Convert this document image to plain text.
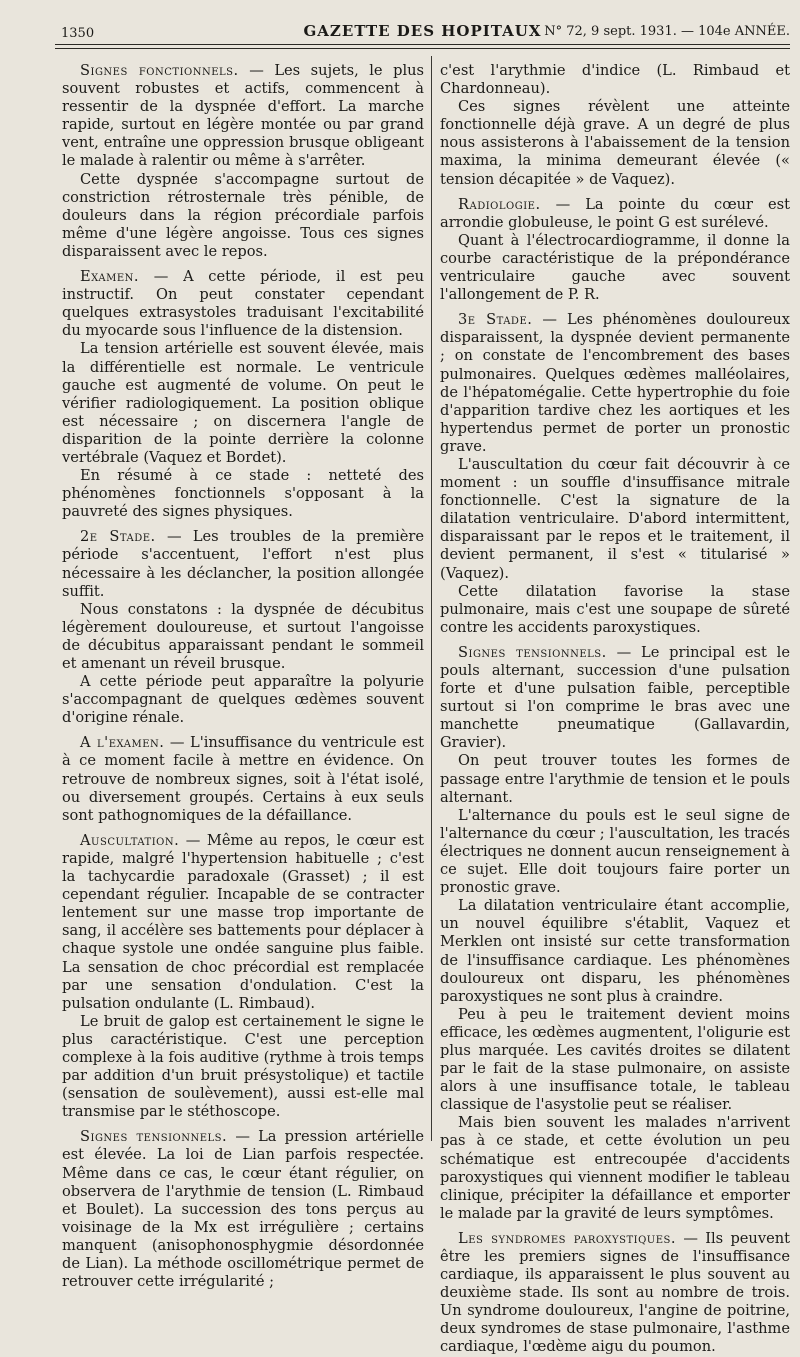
1350	GAZETTE DES HOPITAUX N° 72, 9 sept. 1931. — 104e ANNÉE.

Signes fonctionnels. — Les sujets, le plus souvent robustes et actifs, commencent à ressentir de la dyspnée d'effort. La marche rapide, surtout en légère montée ou par grand vent, entraîne une oppression brusque obligeant le malade à ralentir ou même à s'arrêter.

Cette dyspnée s'accompagne surtout de constriction rétrosternale très pénible, de douleurs dans la région précordiale parfois même d'une légère angoisse. Tous ces signes disparaissent avec le repos.

Examen. — A cette période, il est peu instructif. On peut constater cependant quelques extrasystoles traduisant l'excitabilité du myocarde sous l'influence de la distension.

La tension artérielle est souvent élevée, mais la différentielle est normale. Le ventricule gauche est augmenté de volume. On peut le vérifier radiologiquement. La position oblique est nécessaire ; on discernera l'angle de disparition de la pointe derrière la colonne vertébrale (Vaquez et Bordet).

En résumé à ce stade : netteté des phénomènes fonctionnels s'opposant à la pauvreté des signes physiques.

2e Stade. — Les troubles de la première période s'accentuent, l'effort n'est plus nécessaire à les déclancher, la position allongée suffit.

Nous constatons : la dyspnée de décubitus légèrement douloureuse, et surtout l'angoisse de décubitus apparaissant pendant le sommeil et amenant un réveil brusque.

A cette période peut apparaître la polyurie s'accompagnant de quelques œdèmes souvent d'origine rénale.

A l'examen. — L'insuffisance du ventricule est à ce moment facile à mettre en évidence. On retrouve de nombreux signes, soit à l'état isolé, ou diversement groupés. Certains à eux seuls sont pathognomiques de la défaillance.

Auscultation. — Même au repos, le cœur est rapide, malgré l'hypertension habituelle ; c'est la tachycardie paradoxale (Grasset) ; il est cependant régulier. Incapable de se contracter lentement sur une masse trop importante de sang, il accélère ses battements pour déplacer à chaque systole une ondée sanguine plus faible. La sensation de choc précordial est remplacée par une sensation d'ondulation. C'est la pulsation ondulante (L. Rimbaud).

Le bruit de galop est certainement le signe le plus caractéristique. C'est une perception complexe à la fois auditive (rythme à trois temps par addition d'un bruit présystolique) et tactile (sensation de soulèvement), aussi est-elle mal transmise par le stéthoscope.

Signes tensionnels. — La pression artérielle est élevée. La loi de Lian parfois respectée. Même dans ce cas, le cœur étant régulier, on observera de l'arythmie de tension (L. Rimbaud et Boulet). La succession des tons perçus au voisinage de la Mx est irrégulière ; certains manquent (anisophonosphygmie désordonnée de Lian). La méthode oscillométrique permet de retrouver cette irrégularité ;

c'est l'arythmie d'indice (L. Rimbaud et Chardonneau).

Ces signes révèlent une atteinte fonctionnelle déjà grave. A un degré de plus nous assisterons à l'abaissement de la tension maxima, la minima demeurant élevée (« tension décapitée » de Vaquez).

Radiologie. — La pointe du cœur est arrondie globuleuse, le point G est surélevé.

Quant à l'électrocardiogramme, il donne la courbe caractéristique de la prépondérance ventriculaire gauche avec souvent l'allongement de P. R.

3e Stade. — Les phénomènes douloureux disparaissent, la dyspnée devient permanente ; on constate de l'encombrement des bases pulmonaires. Quelques œdèmes malléolaires, de l'hépatomégalie. Cette hypertrophie du foie d'apparition tardive chez les aortiques et les hypertendus permet de porter un pronostic grave.

L'auscultation du cœur fait découvrir à ce moment : un souffle d'insuffisance mitrale fonctionnelle. C'est la signature de la dilatation ventriculaire. D'abord intermittent, disparaissant par le repos et le traitement, il devient permanent, il s'est « titularisé » (Vaquez).

Cette dilatation favorise la stase pulmonaire, mais c'est une soupape de sûreté contre les accidents paroxystiques.

Signes tensionnels. — Le principal est le pouls alternant, succession d'une pulsation forte et d'une pulsation faible, perceptible surtout si l'on comprime le bras avec une manchette pneumatique (Gallavardin, Gravier).

On peut trouver toutes les formes de passage entre l'arythmie de tension et le pouls alternant.

L'alternance du pouls est le seul signe de l'alternance du cœur ; l'auscultation, les tracés électriques ne donnent aucun renseignement à ce sujet. Elle doit toujours faire porter un pronostic grave.

La dilatation ventriculaire étant accomplie, un nouvel équilibre s'établit, Vaquez et Merklen ont insisté sur cette transformation de l'insuffisance cardiaque. Les phénomènes douloureux ont disparu, les phénomènes paroxystiques ne sont plus à craindre.

Peu à peu le traitement devient moins efficace, les œdèmes augmentent, l'oligurie est plus marquée. Les cavités droites se dilatent par le fait de la stase pulmonaire, on assiste alors à une insuffisance totale, le tableau classique de l'asystolie peut se réaliser.

Mais bien souvent les malades n'arrivent pas à ce stade, et cette évolution un peu schématique est entrecoupée d'accidents paroxystiques qui viennent modifier le tableau clinique, précipiter la défaillance et emporter le malade par la gravité de leurs symptômes.

Les syndromes paroxystiques. — Ils peuvent être les premiers signes de l'insuffisance cardiaque, ils apparaissent le plus souvent au deuxième stade. Ils sont au nombre de trois. Un syndrome douloureux, l'angine de poitrine, deux syndromes de stase pulmonaire, l'asthme cardiaque, l'œdème aigu du poumon.
